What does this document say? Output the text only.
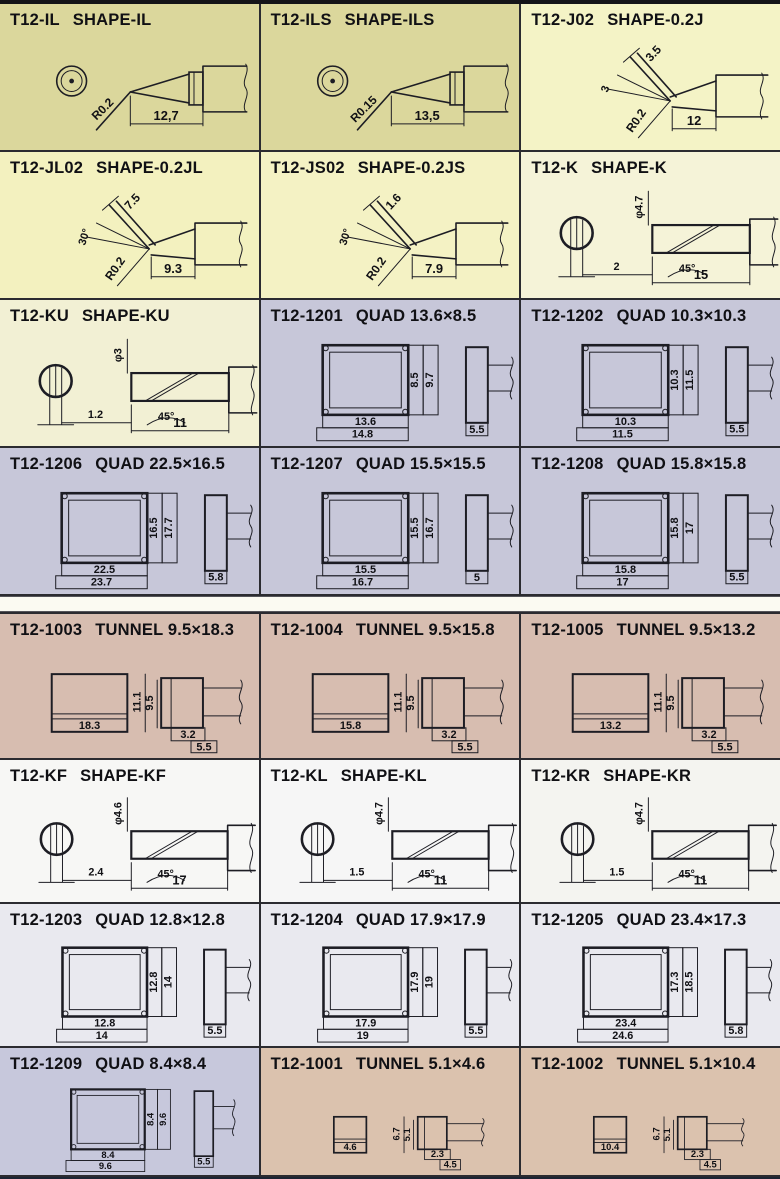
T12-IL SHAPE-IL
R0.2	12,7
T12-ILS SHAPE-ILS
R0.15	13,5
T12-J02 SHAPE-0.2J
3.5
3
R0.2	12
T12-JL02 SHAPE-0.2JL
7.5
30°
R0.2	9.3
T12-JS02 SHAPE-0.2JS
1.6
30°
R0.2	7.9
T12-K SHAPE-K
2
φ4.7
45°
15
T12-KU SHAPE-KU
1.2
φ3
45°
11
T12-1201 QUAD 13.6×8.5
8.5 9.7
13.6
14.8	5.5
T12-1202 QUAD 10.3×10.3
10.3 11.5
10.3
11.5	5.5
T12-1206 QUAD 22.5×16.5
16.5 17.7
22.5
23.7	5.8
T12-1207 QUAD 15.5×15.5
15.5 16.7
15.5
16.7	5
T12-1208 QUAD 15.8×15.8
15.8 17
15.8
17	5.5
T12-1003 TUNNEL 9.5×18.3
18.3
11.1 9.5
3.2
5.5
T12-1004 TUNNEL 9.5×15.8
15.8
11.1 9.5
3.2
5.5
T12-1005 TUNNEL 9.5×13.2
13.2
11.1 9.5
3.2
5.5
T12-KF SHAPE-KF
2.4
φ4.6
45°
17
T12-KL SHAPE-KL
1.5
φ4.7
45°
11
T12-KR SHAPE-KR
1.5
φ4.7
45°
11
T12-1203 QUAD 12.8×12.8
12.8 14
12.8
14	5.5
T12-1204 QUAD 17.9×17.9
17.9 19
17.9
19	5.5
T12-1205 QUAD 23.4×17.3
17.3 18.5
23.4
24.6	5.8
T12-1209 QUAD 8.4×8.4
8.4 9.6
8.4
9.6	5.5
T12-1001 TUNNEL 5.1×4.6
4.6
6.7 5.1
2.3
4.5
T12-1002 TUNNEL 5.1×10.4
10.4
6.7 5.1
2.3
4.5
